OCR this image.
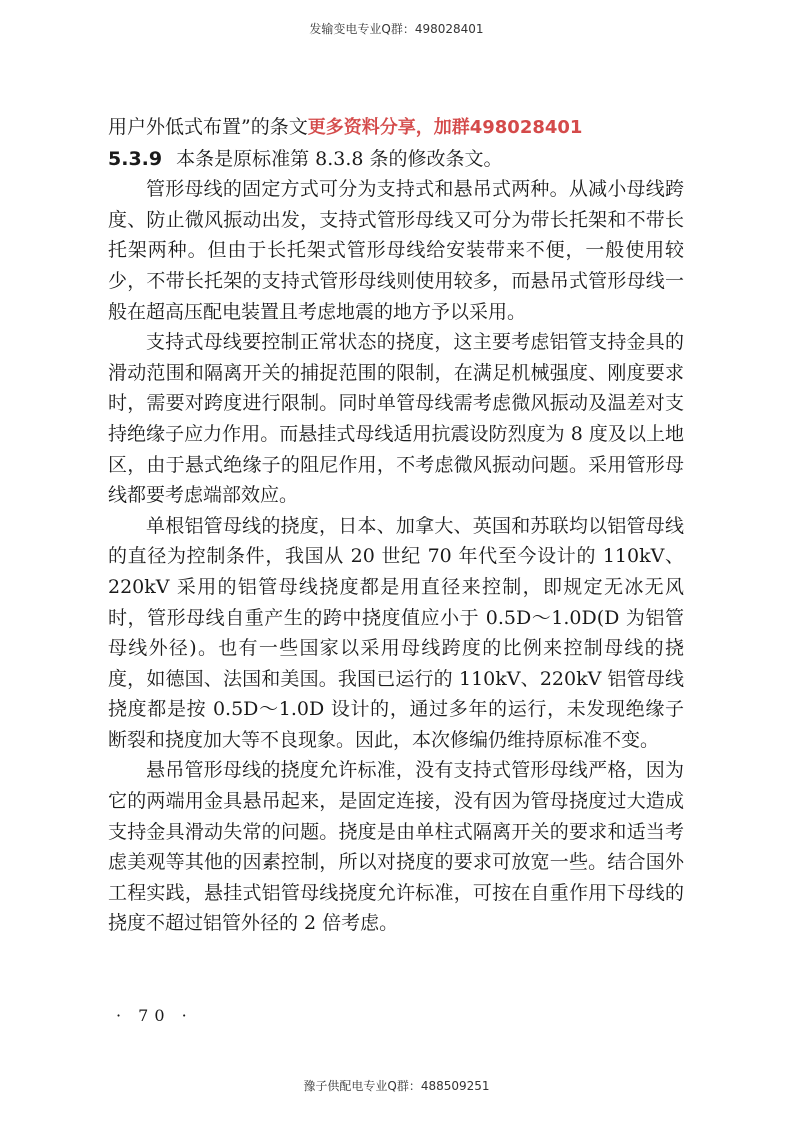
发输变电专业Q群：498028401
用户外低式布置”的条文更多资料分享，加群498028401

5.3.9 本条是原标准第 8.3.8 条的修改条文。

管形母线的固定方式可分为支持式和悬吊式两种。从减小母线跨度、防止微风振动出发，支持式管形母线又可分为带长托架和不带长托架两种。但由于长托架式管形母线给安装带来不便，一般使用较少，不带长托架的支持式管形母线则使用较多，而悬吊式管形母线一般在超高压配电装置且考虑地震的地方予以采用。

支持式母线要控制正常状态的挠度，这主要考虑铝管支持金具的滑动范围和隔离开关的捕捉范围的限制，在满足机械强度、刚度要求时，需要对跨度进行限制。同时单管母线需考虑微风振动及温差对支持绝缘子应力作用。而悬挂式母线适用抗震设防烈度为 8 度及以上地区，由于悬式绝缘子的阻尼作用，不考虑微风振动问题。采用管形母线都要考虑端部效应。

单根铝管母线的挠度，日本、加拿大、英国和苏联均以铝管母线的直径为控制条件，我国从 20 世纪 70 年代至今设计的 110kV、220kV 采用的铝管母线挠度都是用直径来控制，即规定无冰无风时，管形母线自重产生的跨中挠度值应小于 0.5D～1.0D(D 为铝管母线外径)。也有一些国家以采用母线跨度的比例来控制母线的挠度，如德国、法国和美国。我国已运行的 110kV、220kV 铝管母线挠度都是按 0.5D～1.0D 设计的，通过多年的运行，未发现绝缘子断裂和挠度加大等不良现象。因此，本次修编仍维持原标准不变。

悬吊管形母线的挠度允许标准，没有支持式管形母线严格，因为它的两端用金具悬吊起来，是固定连接，没有因为管母挠度过大造成支持金具滑动失常的问题。挠度是由单柱式隔离开关的要求和适当考虑美观等其他的因素控制，所以对挠度的要求可放宽一些。结合国外工程实践，悬挂式铝管母线挠度允许标准，可按在自重作用下母线的挠度不超过铝管外径的 2 倍考虑。

· 70 ·
豫子供配电专业Q群：488509251
